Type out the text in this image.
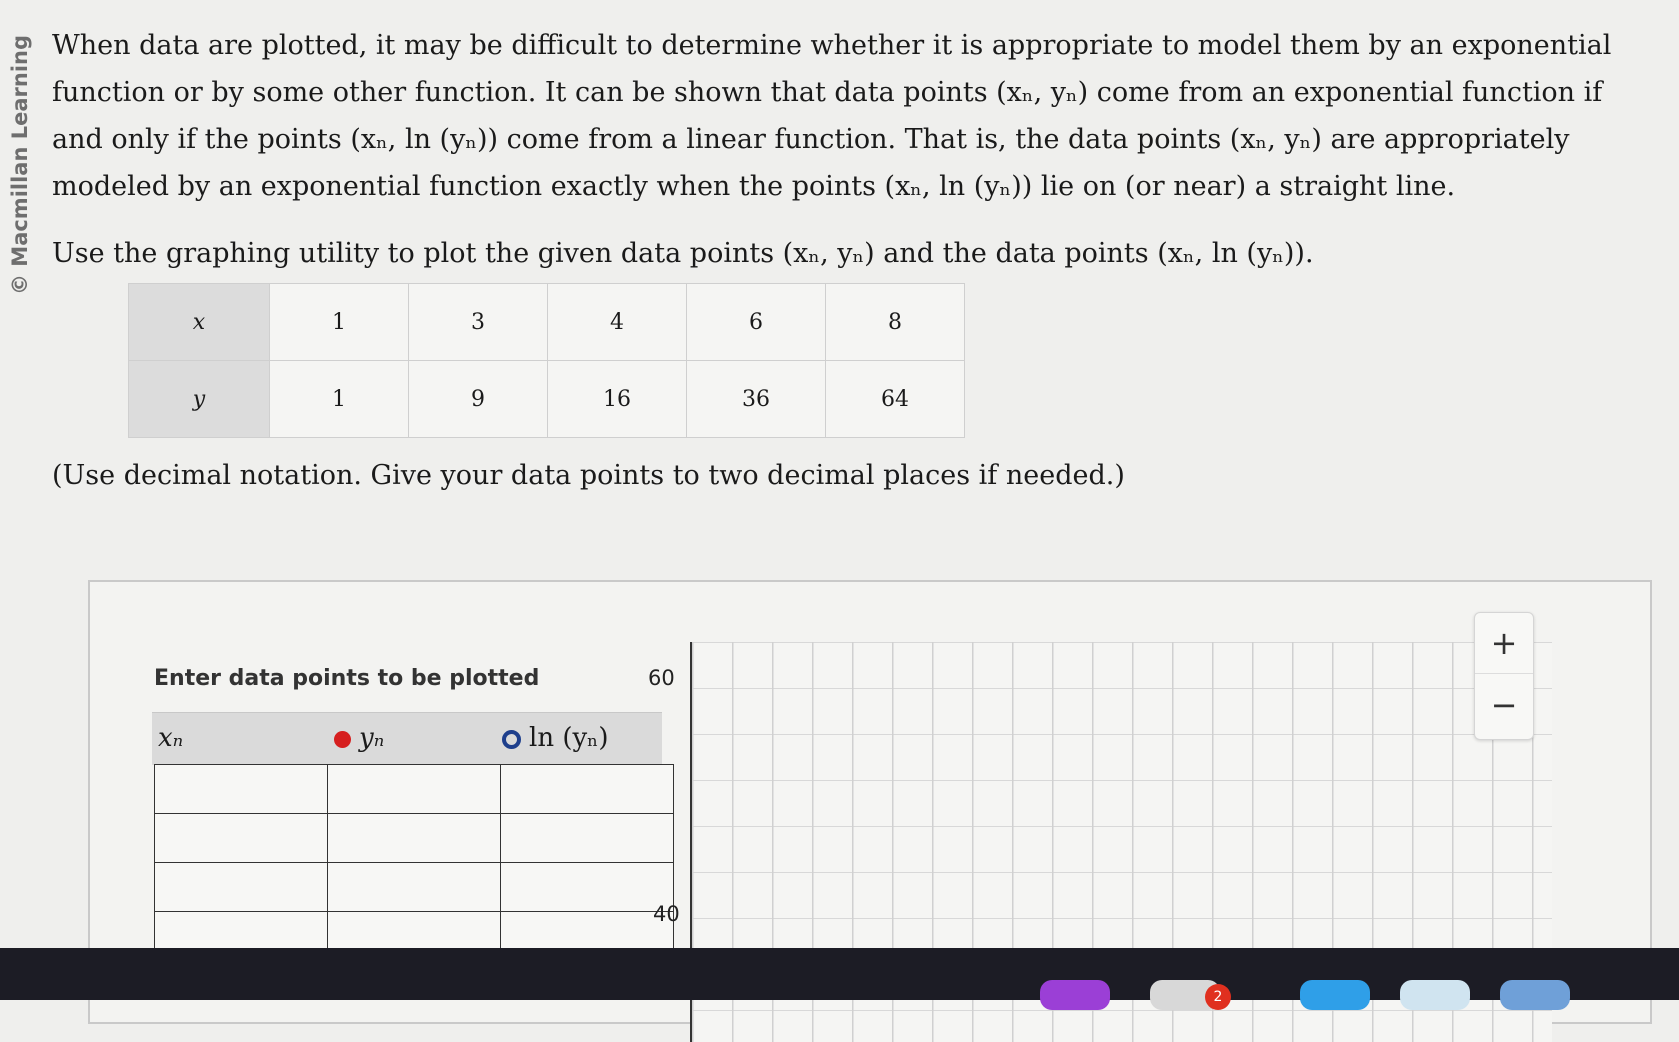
© Macmillan Learning When data are plotted, it may be difficult to determine whether it is appropriate to model them by an exponential function or by some other function. It can be shown that data points (xₙ, yₙ) come from an exponential function if and only if the points (xₙ, ln (yₙ)) come from a linear function. That is, the data points (xₙ, yₙ) are appropriately modeled by an exponential function exactly when the points (xₙ, ln (yₙ)) lie on (or near) a straight line.

Use the graphing utility to plot the given data points (xₙ, yₙ) and the data points (xₙ, ln (yₙ)).

x	1	3	4	6	8
y	1	9	16	36	64

(Use decimal notation. Give your data points to two decimal places if needed.)

Enter data points to be plotted
xₙ	yₙ	ln (yₙ)

60
40
+
−
2
